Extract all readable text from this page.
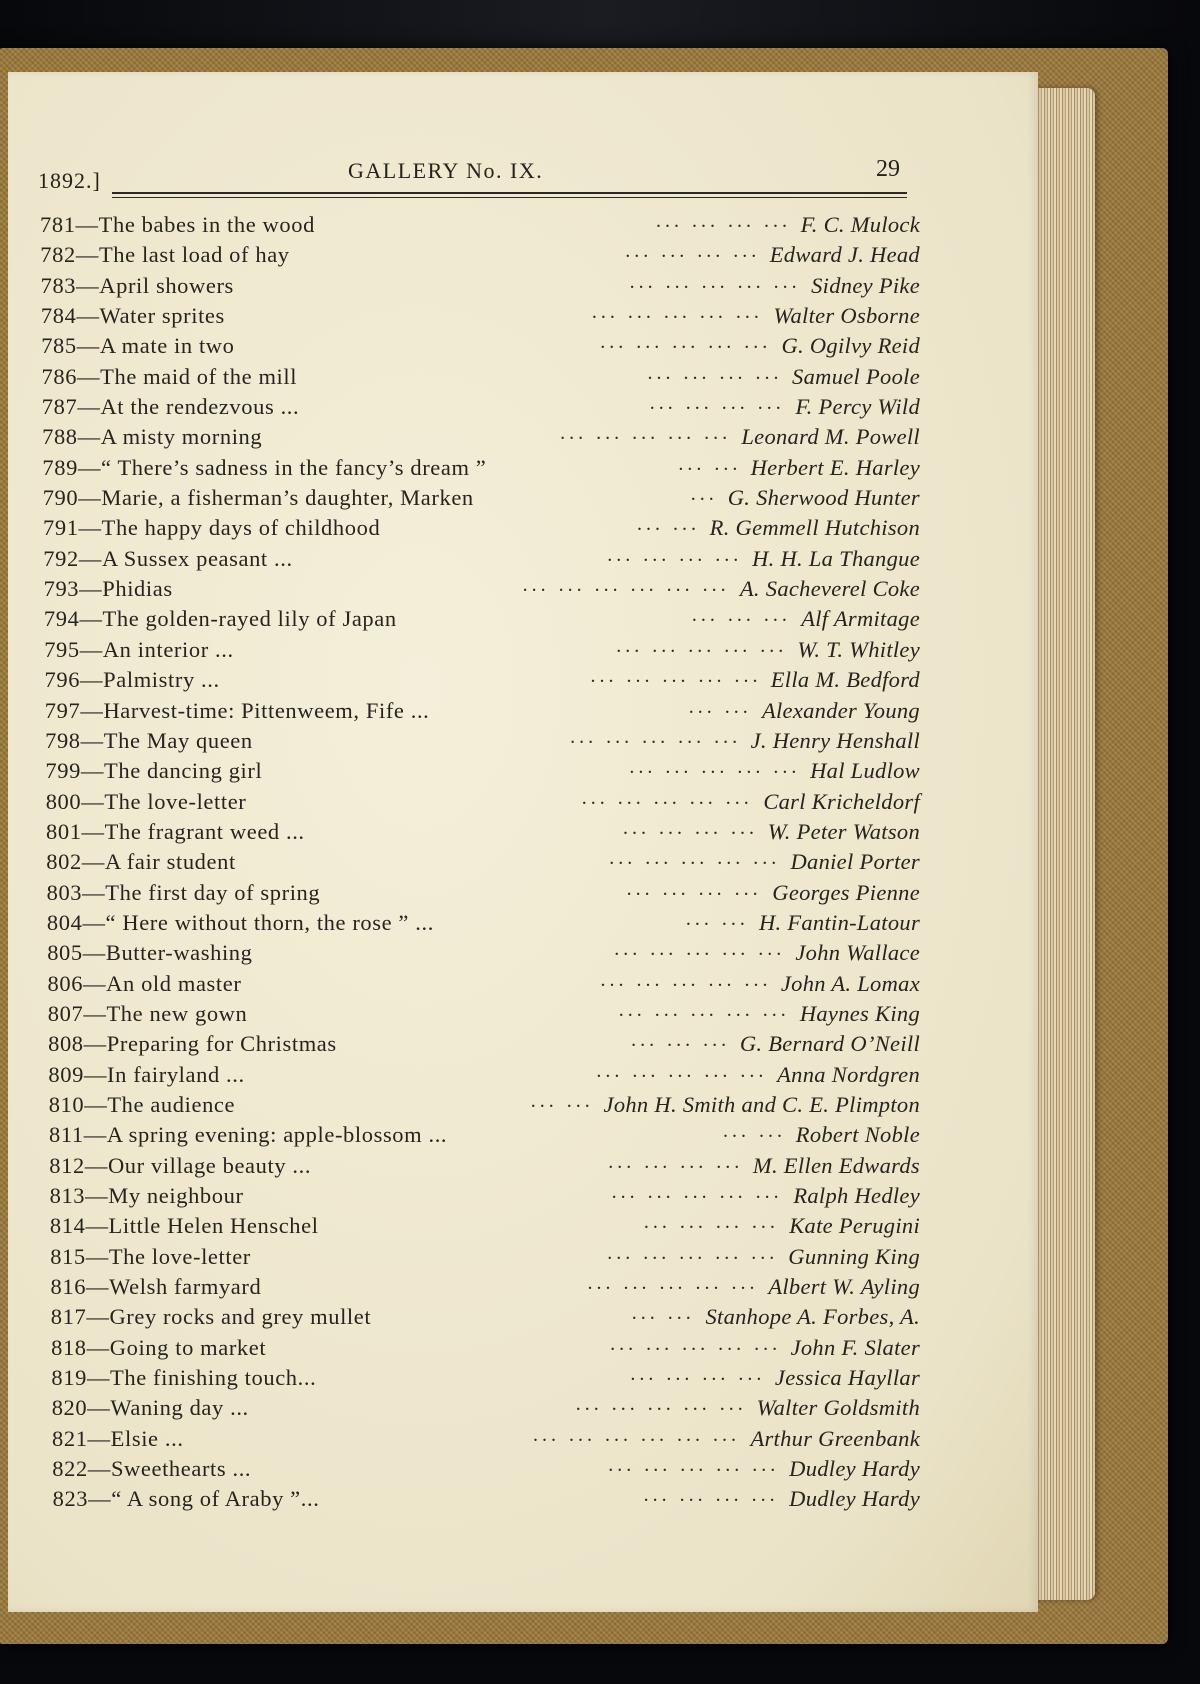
1892.]	GALLERY No. IX.	29
781—The babes in the wood	... ... ... ... F. C. Mulock
782—The last load of hay	... ... ... ... Edward J. Head
783—April showers	... ... ... ... ... Sidney Pike
784—Water sprites	... ... ... ... ... Walter Osborne
785—A mate in two	... ... ... ... ... G. Ogilvy Reid
786—The maid of the mill	... ... ... ... Samuel Poole
787—At the rendezvous ...	... ... ... ... F. Percy Wild
788—A misty morning	... ... ... ... ... Leonard M. Powell
789—“ There’s sadness in the fancy’s dream ”	... ... Herbert E. Harley
790—Marie, a fisherman’s daughter, Marken	... G. Sherwood Hunter
791—The happy days of childhood	... ... R. Gemmell Hutchison
792—A Sussex peasant ...	... ... ... ... H. H. La Thangue
793—Phidias	... ... ... ... ... ... A. Sacheverel Coke
794—The golden-rayed lily of Japan	... ... ... Alf Armitage
795—An interior ...	... ... ... ... ... W. T. Whitley
796—Palmistry ...	... ... ... ... ... Ella M. Bedford
797—Harvest-time: Pittenweem, Fife ...	... ... Alexander Young
798—The May queen	... ... ... ... ... J. Henry Henshall
799—The dancing girl	... ... ... ... ... Hal Ludlow
800—The love-letter	... ... ... ... ... Carl Kricheldorf
801—The fragrant weed ...	... ... ... ... W. Peter Watson
802—A fair student	... ... ... ... ... Daniel Porter
803—The first day of spring	... ... ... ... Georges Pienne
804—“ Here without thorn, the rose ” ...	... ... H. Fantin-Latour
805—Butter-washing	... ... ... ... ... John Wallace
806—An old master	... ... ... ... ... John A. Lomax
807—The new gown	... ... ... ... ... Haynes King
808—Preparing for Christmas	... ... ... G. Bernard O’Neill
809—In fairyland ...	... ... ... ... ... Anna Nordgren
810—The audience	... ... John H. Smith and C. E. Plimpton
811—A spring evening: apple-blossom ...	... ... Robert Noble
812—Our village beauty ...	... ... ... ... M. Ellen Edwards
813—My neighbour	... ... ... ... ... Ralph Hedley
814—Little Helen Henschel	... ... ... ... Kate Perugini
815—The love-letter	... ... ... ... ... Gunning King
816—Welsh farmyard	... ... ... ... ... Albert W. Ayling
817—Grey rocks and grey mullet	... ... Stanhope A. Forbes, A.
818—Going to market	... ... ... ... ... John F. Slater
819—The finishing touch...	... ... ... ... Jessica Hayllar
820—Waning day ...	... ... ... ... ... Walter Goldsmith
821—Elsie ...	... ... ... ... ... ... Arthur Greenbank
822—Sweethearts ...	... ... ... ... ... Dudley Hardy
823—“ A song of Araby ”...	... ... ... ... Dudley Hardy
